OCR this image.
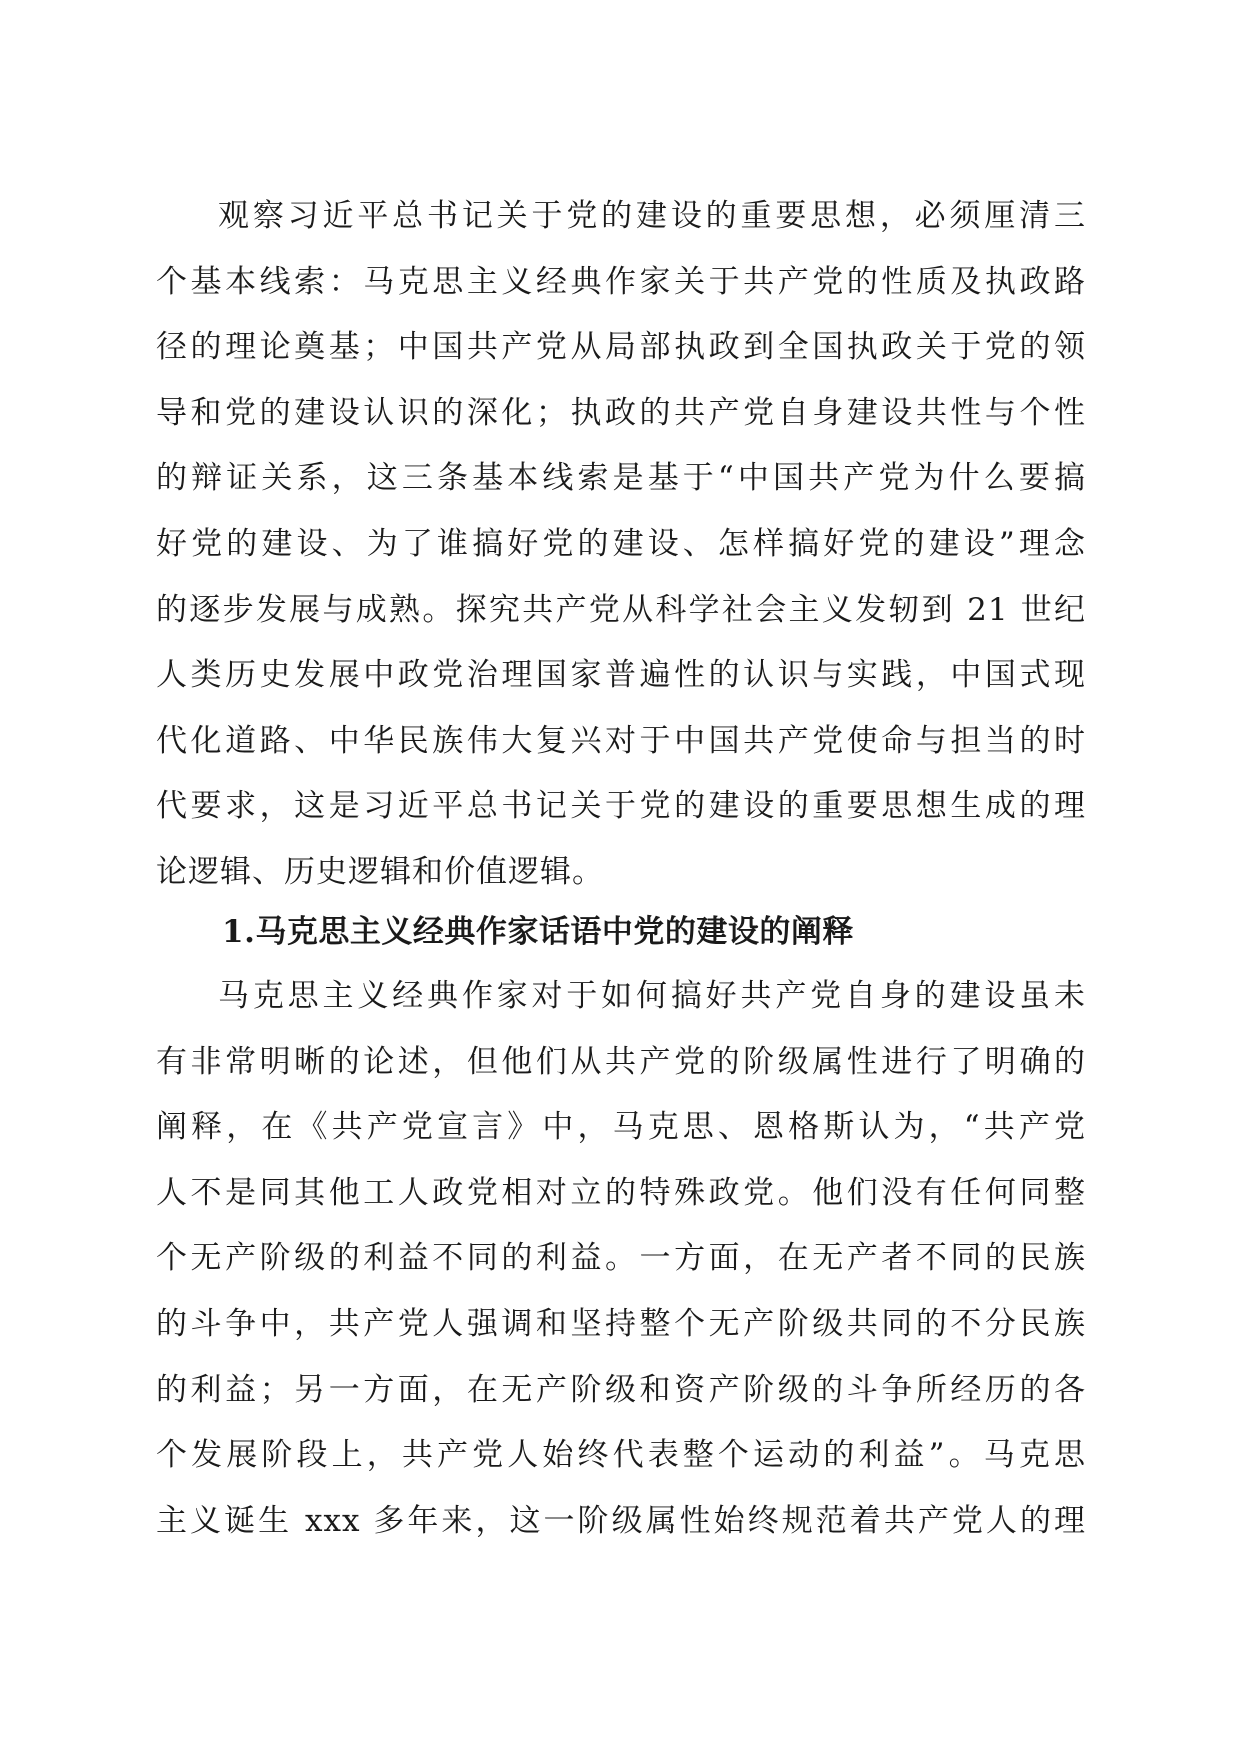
观察习近平总书记关于党的建设的重要思想，必须厘清三
个基本线索：马克思主义经典作家关于共产党的性质及执政路
径的理论奠基；中国共产党从局部执政到全国执政关于党的领
导和党的建设认识的深化；执政的共产党自身建设共性与个性
的辩证关系，这三条基本线索是基于“中国共产党为什么要搞
好党的建设、为了谁搞好党的建设、怎样搞好党的建设”理念
的逐步发展与成熟。探究共产党从科学社会主义发轫到 21 世纪
人类历史发展中政党治理国家普遍性的认识与实践，中国式现
代化道路、中华民族伟大复兴对于中国共产党使命与担当的时
代要求，这是习近平总书记关于党的建设的重要思想生成的理
论逻辑、历史逻辑和价值逻辑。
1.马克思主义经典作家话语中党的建设的阐释
马克思主义经典作家对于如何搞好共产党自身的建设虽未
有非常明晰的论述，但他们从共产党的阶级属性进行了明确的
阐释，在《共产党宣言》中，马克思、恩格斯认为，“共产党
人不是同其他工人政党相对立的特殊政党。他们没有任何同整
个无产阶级的利益不同的利益。一方面，在无产者不同的民族
的斗争中，共产党人强调和坚持整个无产阶级共同的不分民族
的利益；另一方面，在无产阶级和资产阶级的斗争所经历的各
个发展阶段上，共产党人始终代表整个运动的利益”。马克思
主义诞生 xxx 多年来，这一阶级属性始终规范着共产党人的理
